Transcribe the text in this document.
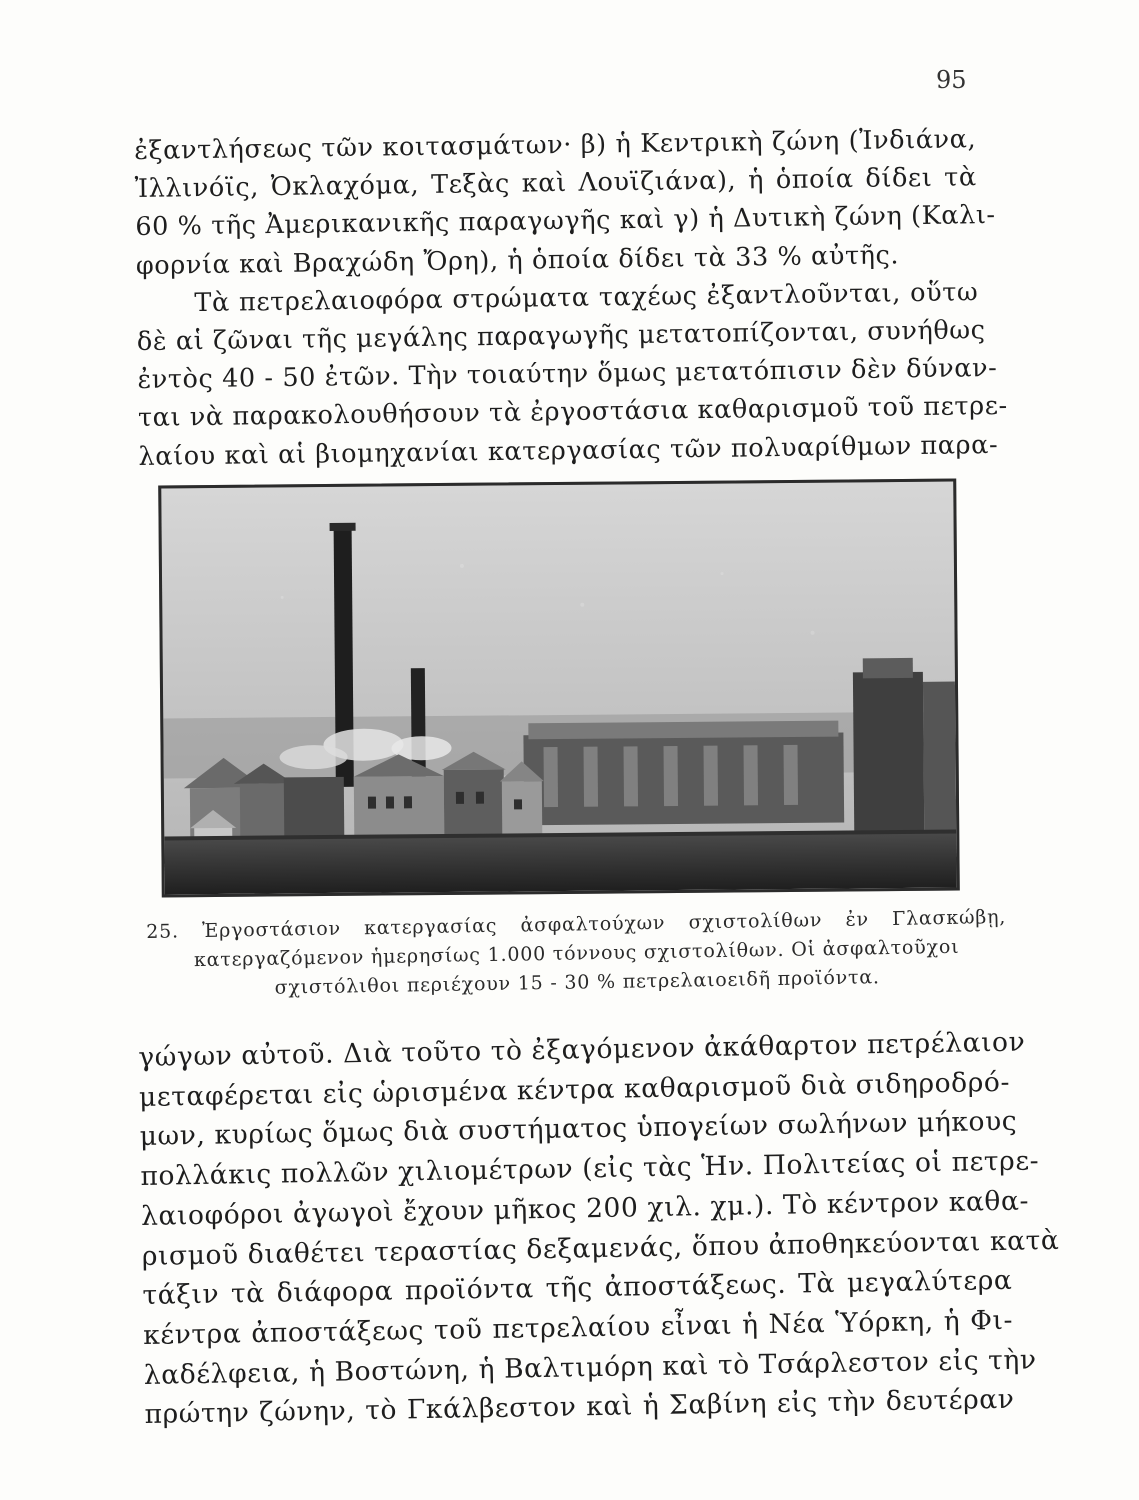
95
ἐξαντλήσεως τῶν κοιτασμάτων· β) ἡ Κεντρικὴ ζώνη (Ἰνδιάνα,
Ἰλλινόϊς, Ὀκλαχόμα, Τεξὰς καὶ Λουϊζιάνα), ἡ ὁποία δίδει τὰ
60 % τῆς Ἀμερικανικῆς παραγωγῆς καὶ γ) ἡ Δυτικὴ ζώνη (Καλι-
φορνία καὶ Βραχώδη Ὄρη), ἡ ὁποία δίδει τὰ 33 % αὐτῆς.
Τὰ πετρελαιοφόρα στρώματα ταχέως ἐξαντλοῦνται, οὕτω
δὲ αἱ ζῶναι τῆς μεγάλης παραγωγῆς μετατοπίζονται, συνήθως
ἐντὸς 40 - 50 ἐτῶν. Τὴν τοιαύτην ὅμως μετατόπισιν δὲν δύναν-
ται νὰ παρακολουθήσουν τὰ ἐργοστάσια καθαρισμοῦ τοῦ πετρε-
λαίου καὶ αἱ βιομηχανίαι κατεργασίας τῶν πολυαρίθμων παρα-
25. Ἐργοστάσιον κατεργασίας ἀσφαλτούχων σχιστολίθων ἐν Γλασκώβῃ,
κατεργαζόμενον ἡμερησίως 1.000 τόννους σχιστολίθων. Οἱ ἀσφαλτοῦχοι
σχιστόλιθοι περιέχουν 15 - 30 % πετρελαιοειδῆ προϊόντα.
γώγων αὐτοῦ. Διὰ τοῦτο τὸ ἐξαγόμενον ἀκάθαρτον πετρέλαιον
μεταφέρεται εἰς ὡρισμένα κέντρα καθαρισμοῦ διὰ σιδηροδρό-
μων, κυρίως ὅμως διὰ συστήματος ὑπογείων σωλήνων μήκους
πολλάκις πολλῶν χιλιομέτρων (εἰς τὰς Ἡν. Πολιτείας οἱ πετρε-
λαιοφόροι ἀγωγοὶ ἔχουν μῆκος 200 χιλ. χμ.). Τὸ κέντρον καθα-
ρισμοῦ διαθέτει τεραστίας δεξαμενάς, ὅπου ἀποθηκεύονται κατὰ
τάξιν τὰ διάφορα προϊόντα τῆς ἀποστάξεως. Τὰ μεγαλύτερα
κέντρα ἀποστάξεως τοῦ πετρελαίου εἶναι ἡ Νέα Ὑόρκη, ἡ Φι-
λαδέλφεια, ἡ Βοστώνη, ἡ Βαλτιμόρη καὶ τὸ Τσάρλεστον εἰς τὴν
πρώτην ζώνην, τὸ Γκάλβεστον καὶ ἡ Σαβίνη εἰς τὴν δευτέραν
